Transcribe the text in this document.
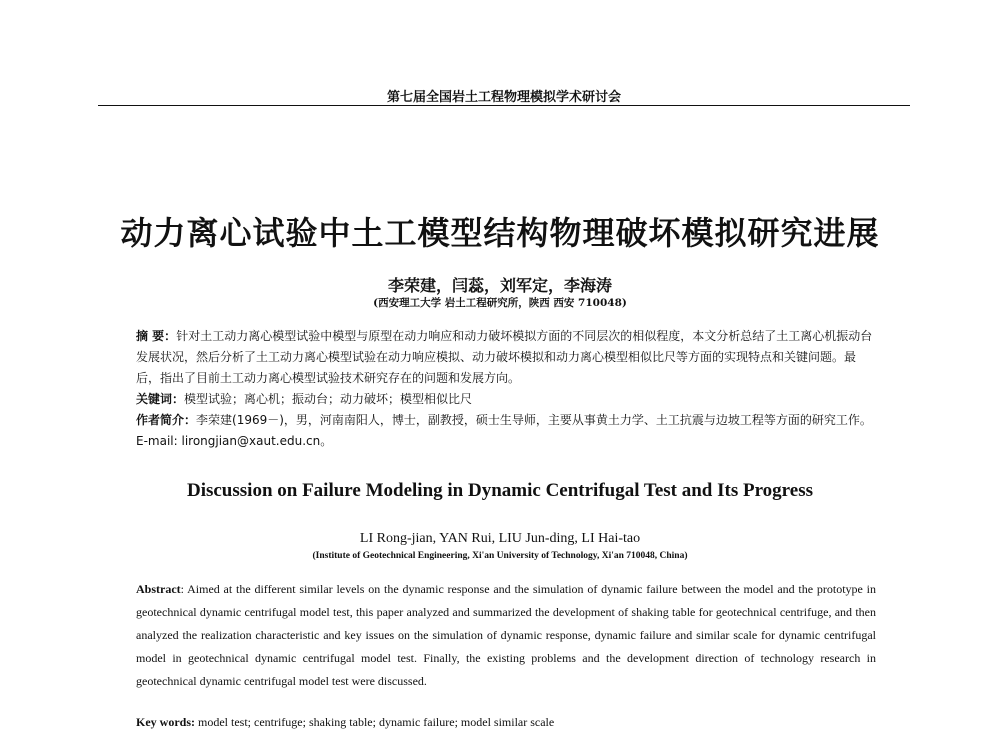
第七届全国岩土工程物理模拟学术研讨会
动力离心试验中土工模型结构物理破坏模拟研究进展
李荣建，闫蕊，刘军定，李海涛
(西安理工大学 岩土工程研究所，陕西 西安 710048)

摘 要：针对土工动力离心模型试验中模型与原型在动力响应和动力破坏模拟方面的不同层次的相似程度，本文分析总结了土工离心机振动台发展状况，然后分析了土工动力离心模型试验在动力响应模拟、动力破坏模拟和动力离心模型相似比尺等方面的实现特点和关键问题。最后，指出了目前土工动力离心模型试验技术研究存在的问题和发展方向。

关键词：模型试验；离心机；振动台；动力破坏；模型相似比尺

作者简介：李荣建(1969－)，男，河南南阳人，博士，副教授，硕士生导师，主要从事黄土力学、土工抗震与边坡工程等方面的研究工作。E-mail: lirongjian@xaut.edu.cn。

Discussion on Failure Modeling in Dynamic Centrifugal Test and Its Progress
LI Rong-jian, YAN Rui, LIU Jun-ding, LI Hai-tao
(Institute of Geotechnical Engineering, Xi'an University of Technology, Xi'an 710048, China)

Abstract: Aimed at the different similar levels on the dynamic response and the simulation of dynamic failure between the model and the prototype in geotechnical dynamic centrifugal model test, this paper analyzed and summarized the development of shaking table for geotechnical centrifuge, and then analyzed the realization characteristic and key issues on the simulation of dynamic response, dynamic failure and similar scale for dynamic centrifugal model in geotechnical dynamic centrifugal model test. Finally, the existing problems and the development direction of technology research in geotechnical dynamic centrifugal model test were discussed.

Key words: model test; centrifuge; shaking table; dynamic failure; model similar scale
